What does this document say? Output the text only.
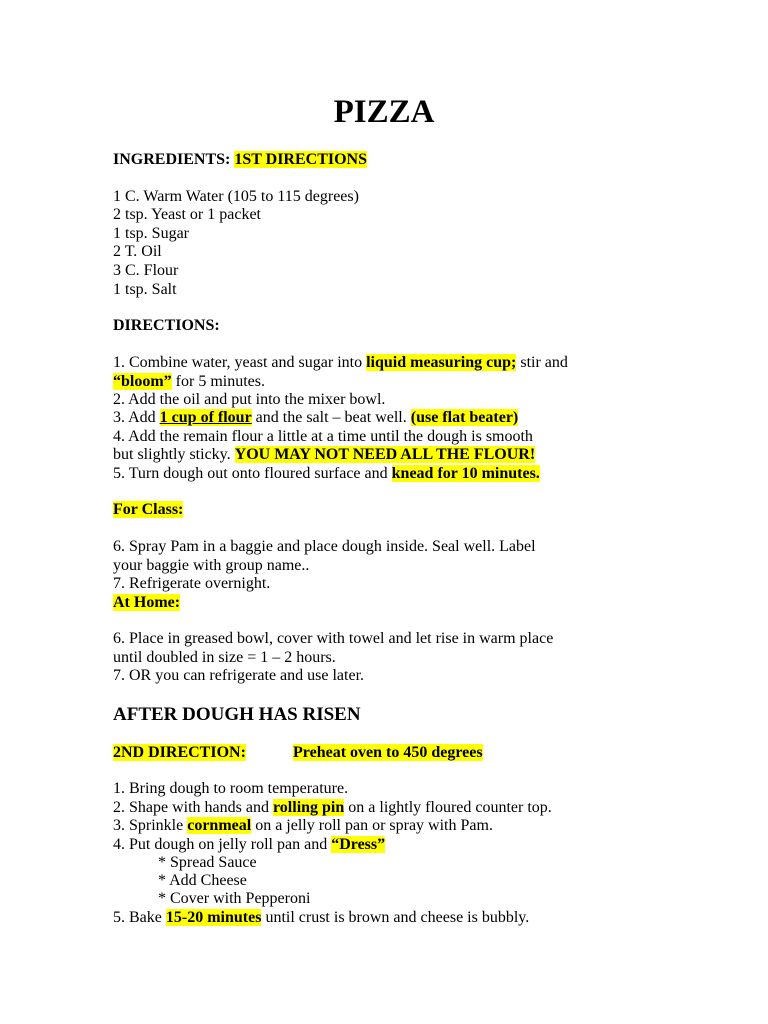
PIZZA
INGREDIENTS: 1ST DIRECTIONS
1 C. Warm Water (105 to 115 degrees)
2 tsp. Yeast or 1 packet
1 tsp. Sugar
2 T. Oil
3 C. Flour
1 tsp. Salt
DIRECTIONS:
1. Combine water, yeast and sugar into liquid measuring cup; stir and
“bloom” for 5 minutes.
2. Add the oil and put into the mixer bowl.
3. Add 1 cup of flour and the salt – beat well. (use flat beater)
4. Add the remain flour a little at a time until the dough is smooth
but slightly sticky. YOU MAY NOT NEED ALL THE FLOUR!
5. Turn dough out onto floured surface and knead for 10 minutes.
For Class:
6. Spray Pam in a baggie and place dough inside. Seal well. Label
your baggie with group name..
7. Refrigerate overnight.
At Home:
6. Place in greased bowl, cover with towel and let rise in warm place
until doubled in size = 1 – 2 hours.
7. OR you can refrigerate and use later.
AFTER DOUGH HAS RISEN
2ND DIRECTION:	Preheat oven to 450 degrees
1. Bring dough to room temperature.
2. Shape with hands and rolling pin on a lightly floured counter top.
3. Sprinkle cornmeal on a jelly roll pan or spray with Pam.
4. Put dough on jelly roll pan and “Dress”
* Spread Sauce
* Add Cheese
* Cover with Pepperoni
5. Bake 15-20 minutes until crust is brown and cheese is bubbly.
